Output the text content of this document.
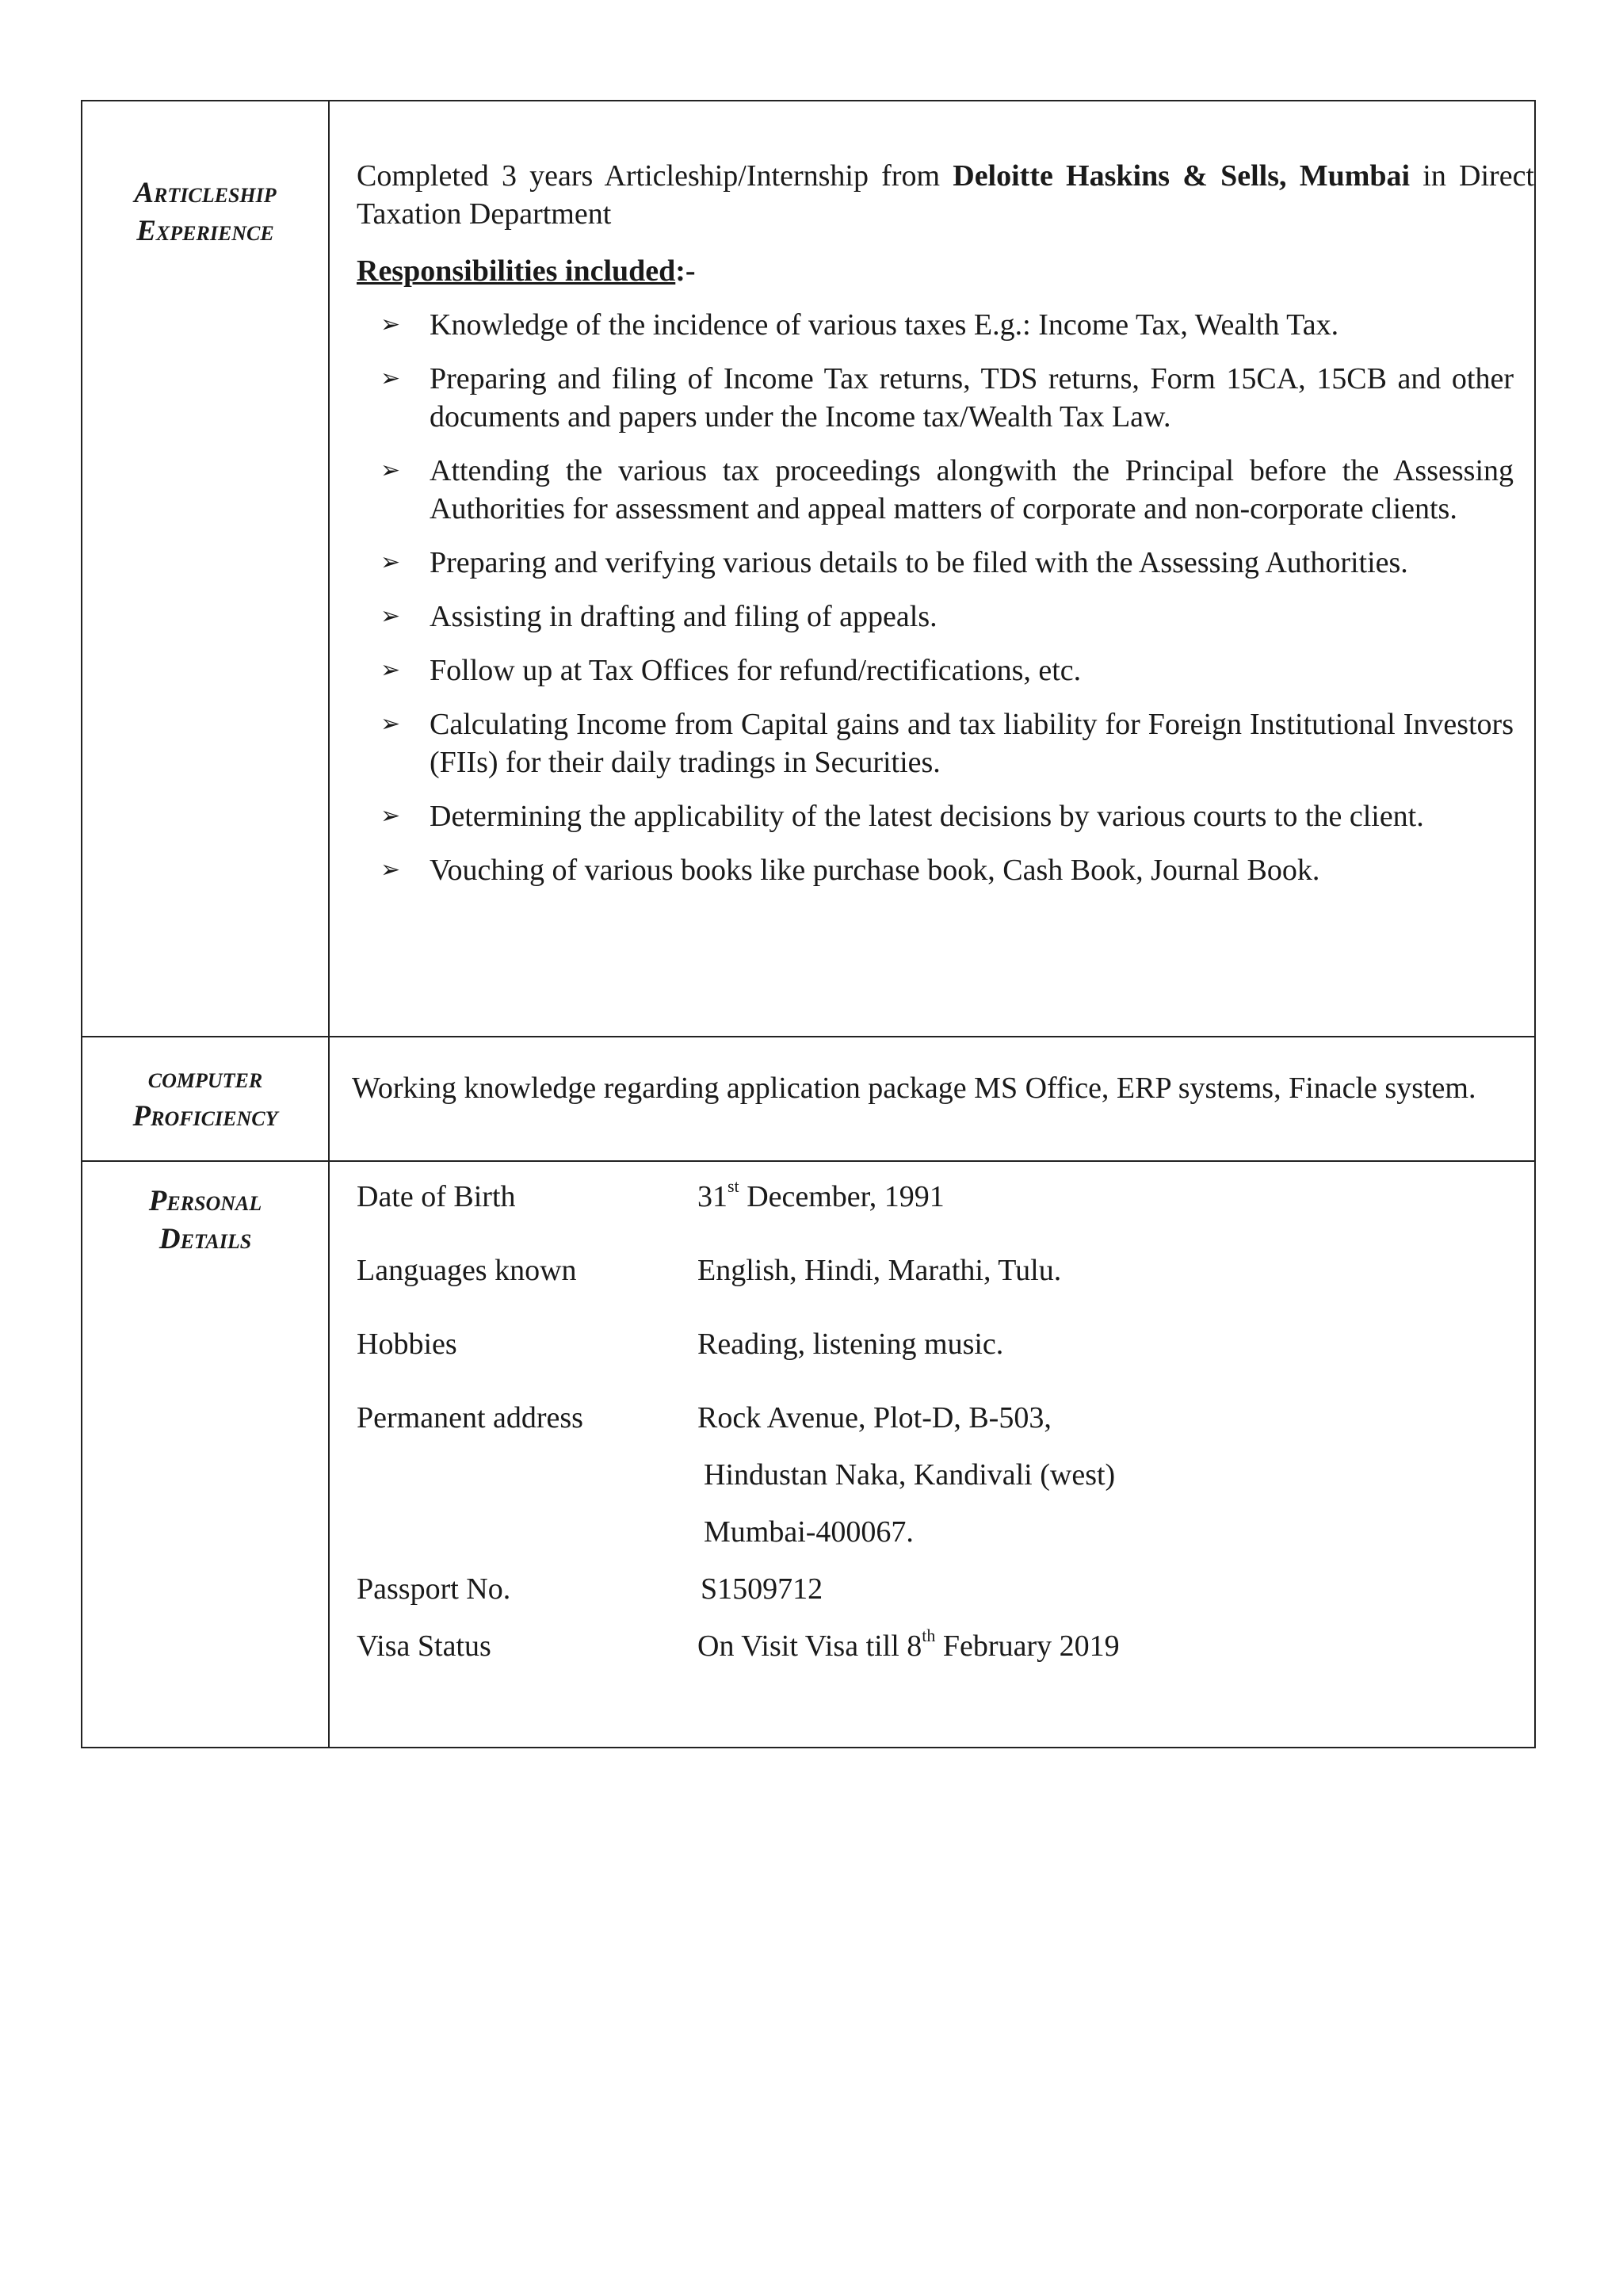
Articleship
Experience

Completed 3 years Articleship/Internship from Deloitte Haskins & Sells, Mumbai in Direct Taxation Department

Responsibilities included:-
➢ Knowledge of the incidence of various taxes E.g.: Income Tax, Wealth Tax.
➢ Preparing and filing of Income Tax returns, TDS returns, Form 15CA, 15CB and other documents and papers under the Income tax/Wealth Tax Law.
➢ Attending the various tax proceedings alongwith the Principal before the Assessing Authorities for assessment and appeal matters of corporate and non-corporate clients.
➢ Preparing and verifying various details to be filed with the Assessing Authorities.
➢ Assisting in drafting and filing of appeals.
➢ Follow up at Tax Offices for refund/rectifications, etc.
➢ Calculating Income from Capital gains and tax liability for Foreign Institutional Investors (FIIs) for their daily tradings in Securities.
➢ Determining the applicability of the latest decisions by various courts to the client.
➢ Vouching of various books like purchase book, Cash Book, Journal Book.
computer
Proficiency
Working knowledge regarding application package MS Office, ERP systems, Finacle system.
Personal
Details
Date of Birth	31st December, 1991
Languages known	English, Hindi, Marathi, Tulu.
Hobbies	Reading, listening music.
Permanent address	Rock Avenue, Plot-D, B-503,
Hindustan Naka, Kandivali (west)
Mumbai-400067.
Passport No.	S1509712
Visa Status	On Visit Visa till 8th February 2019
